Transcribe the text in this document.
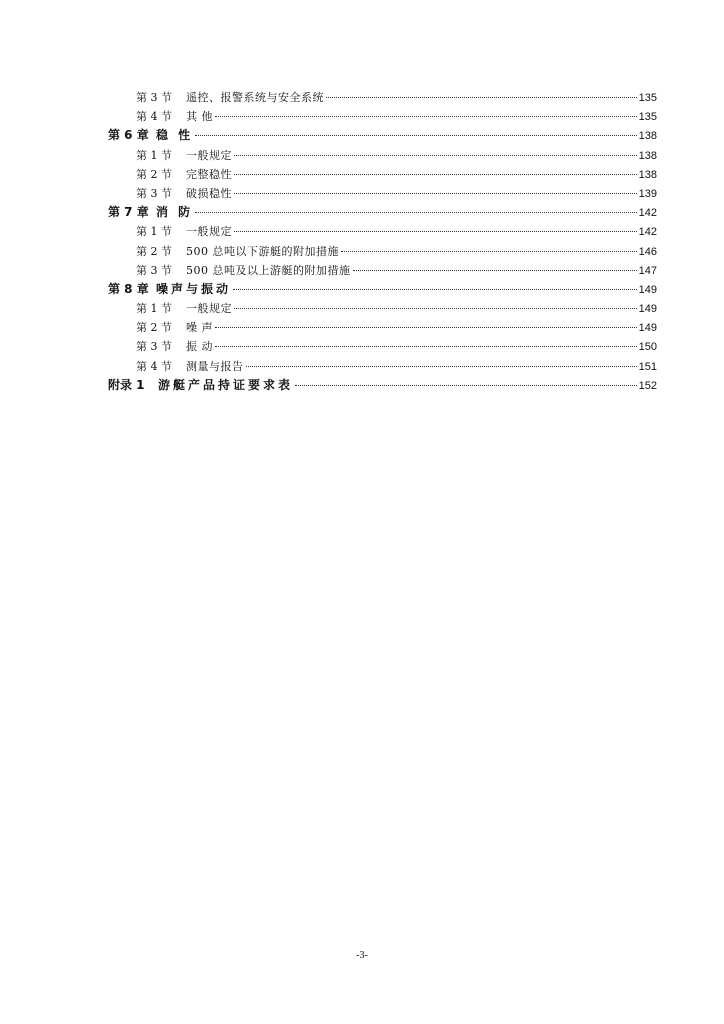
第 3 节	遥控、报警系统与安全系统	135
第 4 节	其 他	135
第 6 章 稳 性	138
第 1 节	一般规定	138
第 2 节	完整稳性	138
第 3 节	破损稳性	139
第 7 章 消 防	142
第 1 节	一般规定	142
第 2 节	500 总吨以下游艇的附加措施	146
第 3 节	500 总吨及以上游艇的附加措施	147
第 8 章 噪声与振动	149
第 1 节	一般规定	149
第 2 节	噪 声	149
第 3 节	振 动	150
第 4 节	测量与报告	151
附录 1	游艇产品持证要求表	152
-3-
